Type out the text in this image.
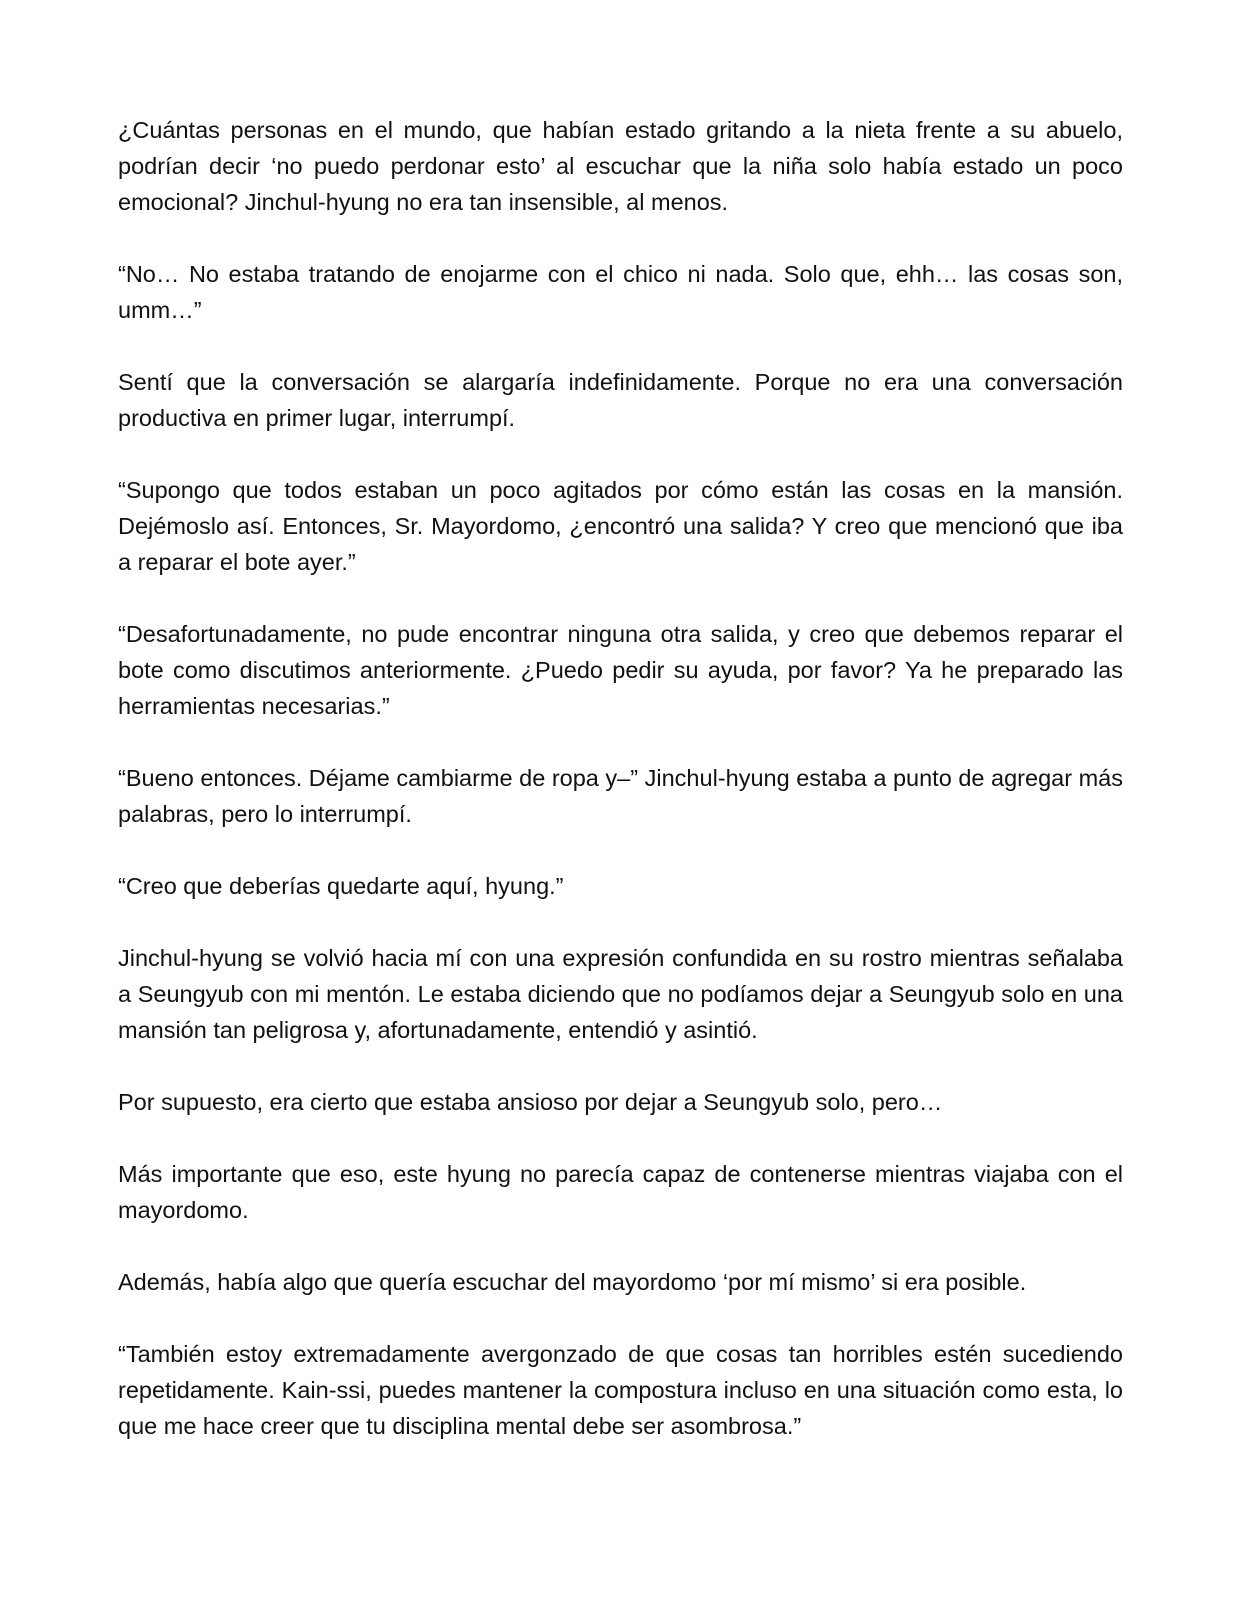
¿Cuántas personas en el mundo, que habían estado gritando a la nieta frente a su abuelo, podrían decir ‘no puedo perdonar esto’ al escuchar que la niña solo había estado un poco emocional? Jinchul-hyung no era tan insensible, al menos.

“No… No estaba tratando de enojarme con el chico ni nada. Solo que, ehh… las cosas son, umm…”

Sentí que la conversación se alargaría indefinidamente. Porque no era una conversación productiva en primer lugar, interrumpí.

“Supongo que todos estaban un poco agitados por cómo están las cosas en la mansión. Dejémoslo así. Entonces, Sr. Mayordomo, ¿encontró una salida? Y creo que mencionó que iba a reparar el bote ayer.”

“Desafortunadamente, no pude encontrar ninguna otra salida, y creo que debemos reparar el bote como discutimos anteriormente. ¿Puedo pedir su ayuda, por favor? Ya he preparado las herramientas necesarias.”

“Bueno entonces. Déjame cambiarme de ropa y–” Jinchul-hyung estaba a punto de agregar más palabras, pero lo interrumpí.

“Creo que deberías quedarte aquí, hyung.”

Jinchul-hyung se volvió hacia mí con una expresión confundida en su rostro mientras señalaba a Seungyub con mi mentón. Le estaba diciendo que no podíamos dejar a Seungyub solo en una mansión tan peligrosa y, afortunadamente, entendió y asintió.

Por supuesto, era cierto que estaba ansioso por dejar a Seungyub solo, pero…

Más importante que eso, este hyung no parecía capaz de contenerse mientras viajaba con el mayordomo.

Además, había algo que quería escuchar del mayordomo ‘por mí mismo’ si era posible.

“También estoy extremadamente avergonzado de que cosas tan horribles estén sucediendo repetidamente. Kain-ssi, puedes mantener la compostura incluso en una situación como esta, lo que me hace creer que tu disciplina mental debe ser asombrosa.”
